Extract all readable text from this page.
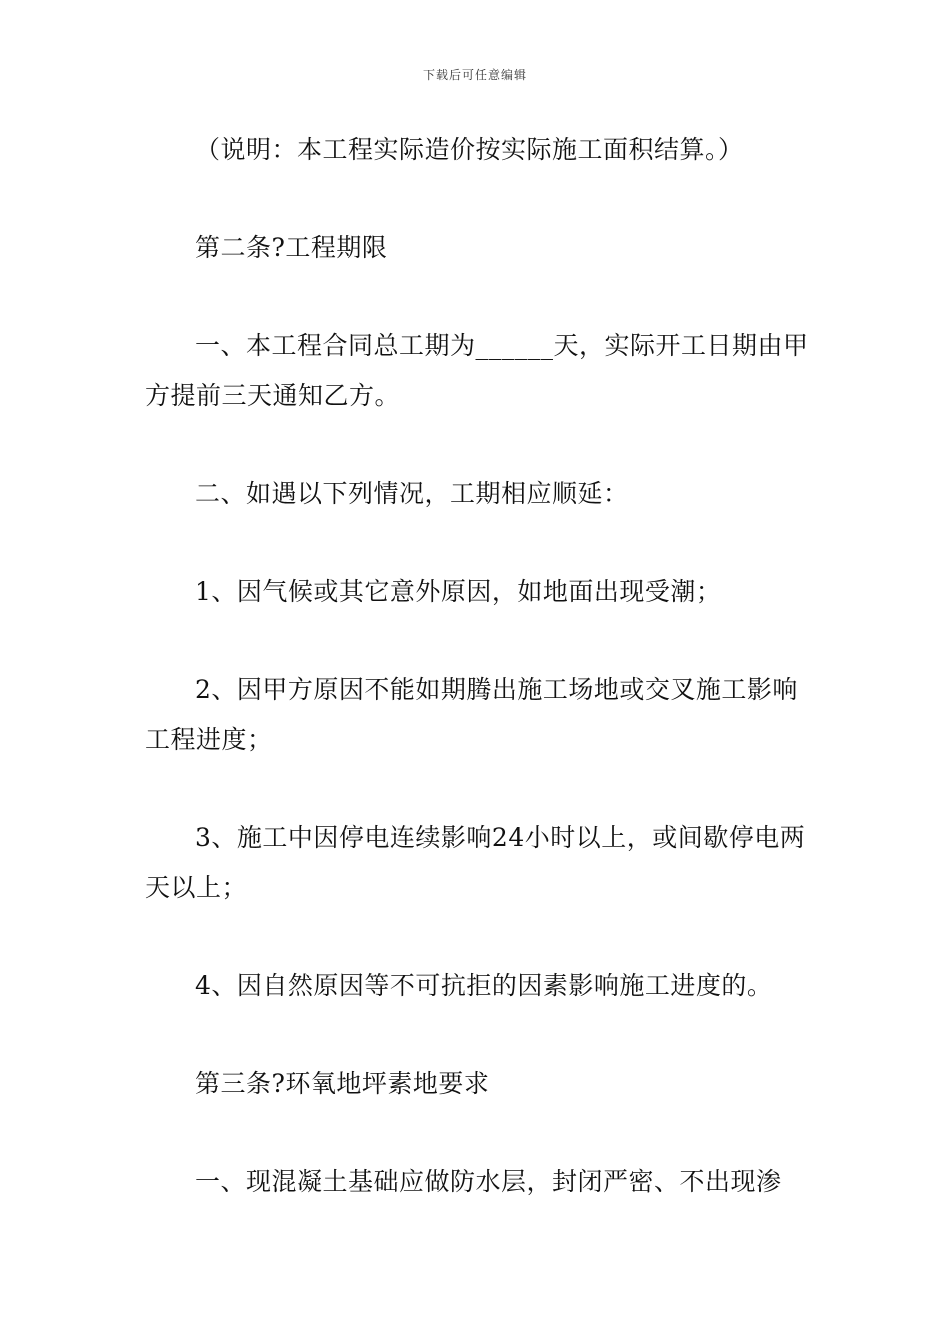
下载后可任意编辑

（说明：本工程实际造价按实际施工面积结算。）

第二条?工程期限

一、本工程合同总工期为______天，实际开工日期由甲方提前三天通知乙方。

二、如遇以下列情况，工期相应顺延：

1、因气候或其它意外原因，如地面出现受潮；

2、因甲方原因不能如期腾出施工场地或交叉施工影响工程进度；

3、施工中因停电连续影响24小时以上，或间歇停电两天以上；

4、因自然原因等不可抗拒的因素影响施工进度的。

第三条?环氧地坪素地要求

一、现混凝土基础应做防水层，封闭严密、不出现渗
